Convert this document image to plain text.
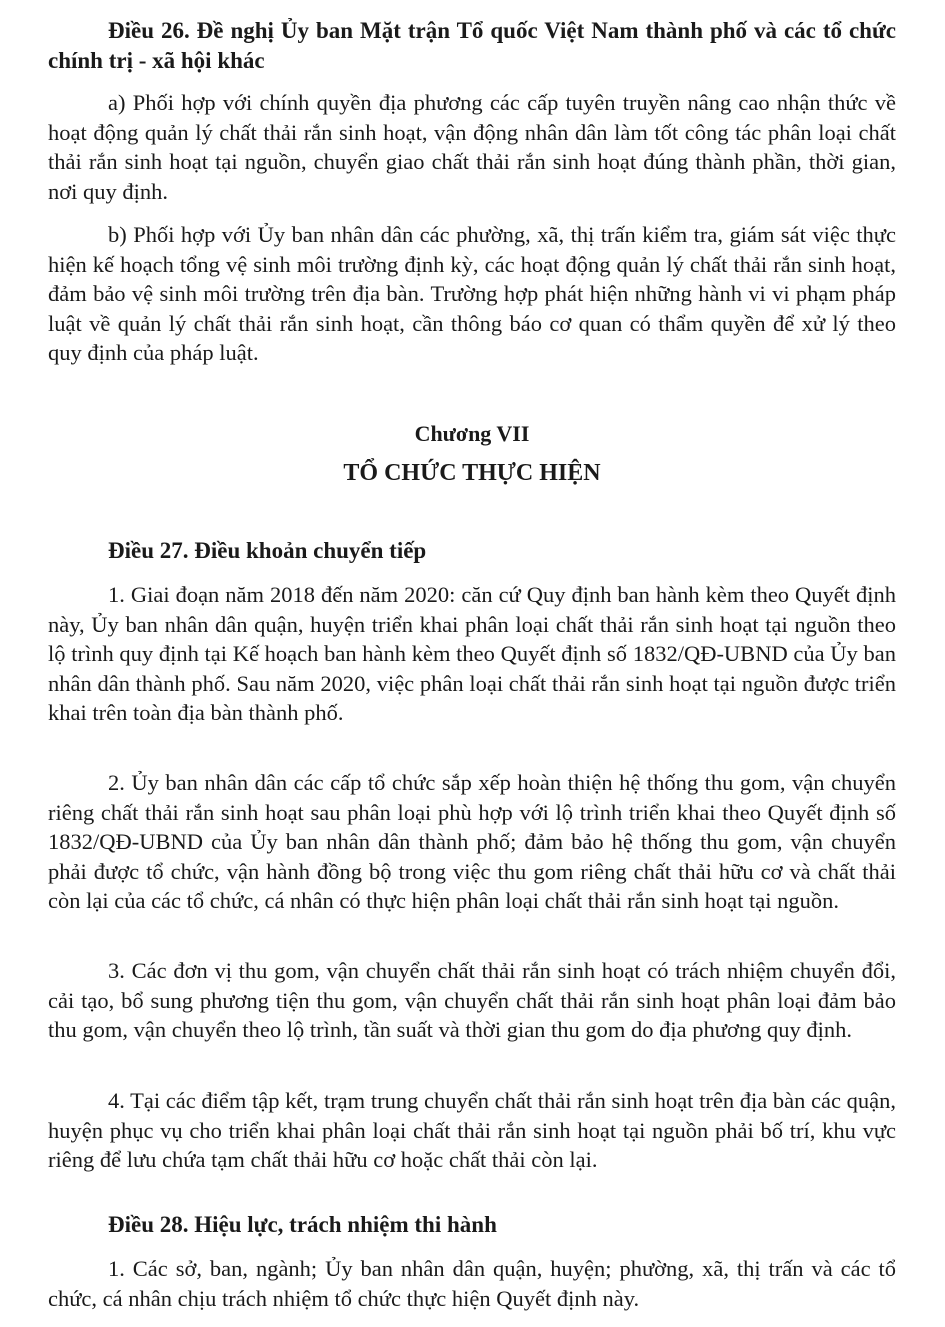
Điều 26. Đề nghị Ủy ban Mặt trận Tổ quốc Việt Nam thành phố và các tổ chức chính trị - xã hội khác

a) Phối hợp với chính quyền địa phương các cấp tuyên truyền nâng cao nhận thức về hoạt động quản lý chất thải rắn sinh hoạt, vận động nhân dân làm tốt công tác phân loại chất thải rắn sinh hoạt tại nguồn, chuyển giao chất thải rắn sinh hoạt đúng thành phần, thời gian, nơi quy định.

b) Phối hợp với Ủy ban nhân dân các phường, xã, thị trấn kiểm tra, giám sát việc thực hiện kế hoạch tổng vệ sinh môi trường định kỳ, các hoạt động quản lý chất thải rắn sinh hoạt, đảm bảo vệ sinh môi trường trên địa bàn. Trường hợp phát hiện những hành vi vi phạm pháp luật về quản lý chất thải rắn sinh hoạt, cần thông báo cơ quan có thẩm quyền để xử lý theo quy định của pháp luật.

Chương VII

TỔ CHỨC THỰC HIỆN

Điều 27. Điều khoản chuyển tiếp

1. Giai đoạn năm 2018 đến năm 2020: căn cứ Quy định ban hành kèm theo Quyết định này, Ủy ban nhân dân quận, huyện triển khai phân loại chất thải rắn sinh hoạt tại nguồn theo lộ trình quy định tại Kế hoạch ban hành kèm theo Quyết định số 1832/QĐ-UBND của Ủy ban nhân dân thành phố. Sau năm 2020, việc phân loại chất thải rắn sinh hoạt tại nguồn được triển khai trên toàn địa bàn thành phố.

2. Ủy ban nhân dân các cấp tổ chức sắp xếp hoàn thiện hệ thống thu gom, vận chuyển riêng chất thải rắn sinh hoạt sau phân loại phù hợp với lộ trình triển khai theo Quyết định số 1832/QĐ-UBND của Ủy ban nhân dân thành phố; đảm bảo hệ thống thu gom, vận chuyển phải được tổ chức, vận hành đồng bộ trong việc thu gom riêng chất thải hữu cơ và chất thải còn lại của các tổ chức, cá nhân có thực hiện phân loại chất thải rắn sinh hoạt tại nguồn.

3. Các đơn vị thu gom, vận chuyển chất thải rắn sinh hoạt có trách nhiệm chuyển đổi, cải tạo, bổ sung phương tiện thu gom, vận chuyển chất thải rắn sinh hoạt phân loại đảm bảo thu gom, vận chuyển theo lộ trình, tần suất và thời gian thu gom do địa phương quy định.

4. Tại các điểm tập kết, trạm trung chuyển chất thải rắn sinh hoạt trên địa bàn các quận, huyện phục vụ cho triển khai phân loại chất thải rắn sinh hoạt tại nguồn phải bố trí, khu vực riêng để lưu chứa tạm chất thải hữu cơ hoặc chất thải còn lại.

Điều 28. Hiệu lực, trách nhiệm thi hành

1. Các sở, ban, ngành; Ủy ban nhân dân quận, huyện; phường, xã, thị trấn và các tổ chức, cá nhân chịu trách nhiệm tổ chức thực hiện Quyết định này.
